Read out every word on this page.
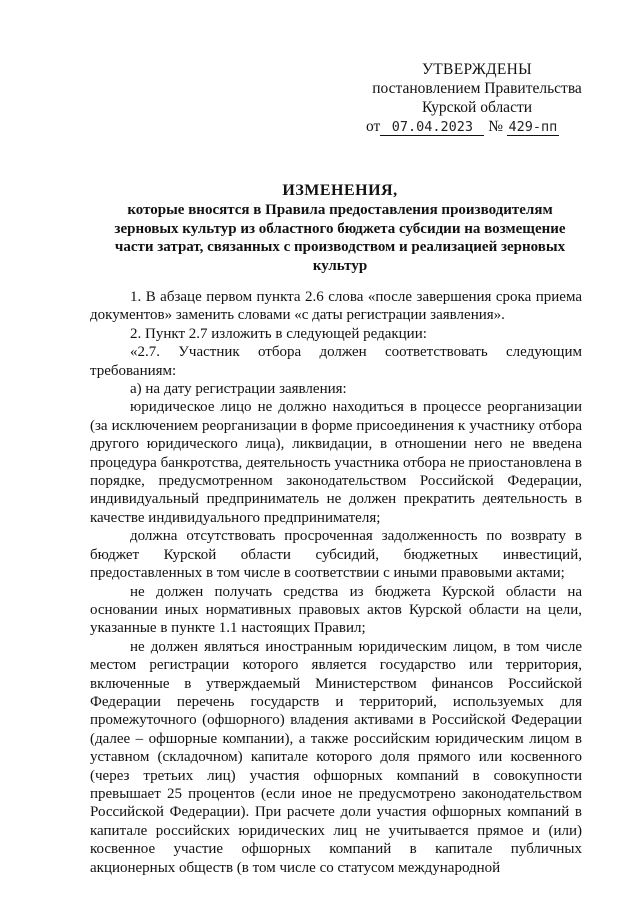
УТВЕРЖДЕНЫ
постановлением Правительства
Курской области
от 07.04.2023 № 429-пп
ИЗМЕНЕНИЯ,
которые вносятся в Правила предоставления производителям зерновых культур из областного бюджета субсидии на возмещение части затрат, связанных с производством и реализацией зерновых культур

1. В абзаце первом пункта 2.6 слова «после завершения срока приема документов» заменить словами «с даты регистрации заявления».

2. Пункт 2.7 изложить в следующей редакции:

«2.7. Участник отбора должен соответствовать следующим требованиям:

а) на дату регистрации заявления:

юридическое лицо не должно находиться в процессе реорганизации (за исключением реорганизации в форме присоединения к участнику отбора другого юридического лица), ликвидации, в отношении него не введена процедура банкротства, деятельность участника отбора не приостановлена в порядке, предусмотренном законодательством Российской Федерации, индивидуальный предприниматель не должен прекратить деятельность в качестве индивидуального предпринимателя;

должна отсутствовать просроченная задолженность по возврату в бюджет Курской области субсидий, бюджетных инвестиций, предоставленных в том числе в соответствии с иными правовыми актами;

не должен получать средства из бюджета Курской области на основании иных нормативных правовых актов Курской области на цели, указанные в пункте 1.1 настоящих Правил;

не должен являться иностранным юридическим лицом, в том числе местом регистрации которого является государство или территория, включенные в утверждаемый Министерством финансов Российской Федерации перечень государств и территорий, используемых для промежуточного (офшорного) владения активами в Российской Федерации (далее – офшорные компании), а также российским юридическим лицом в уставном (складочном) капитале которого доля прямого или косвенного (через третьих лиц) участия офшорных компаний в совокупности превышает 25 процентов (если иное не предусмотрено законодательством Российской Федерации). При расчете доли участия офшорных компаний в капитале российских юридических лиц не учитывается прямое и (или) косвенное участие офшорных компаний в капитале публичных акционерных обществ (в том числе со статусом международной
